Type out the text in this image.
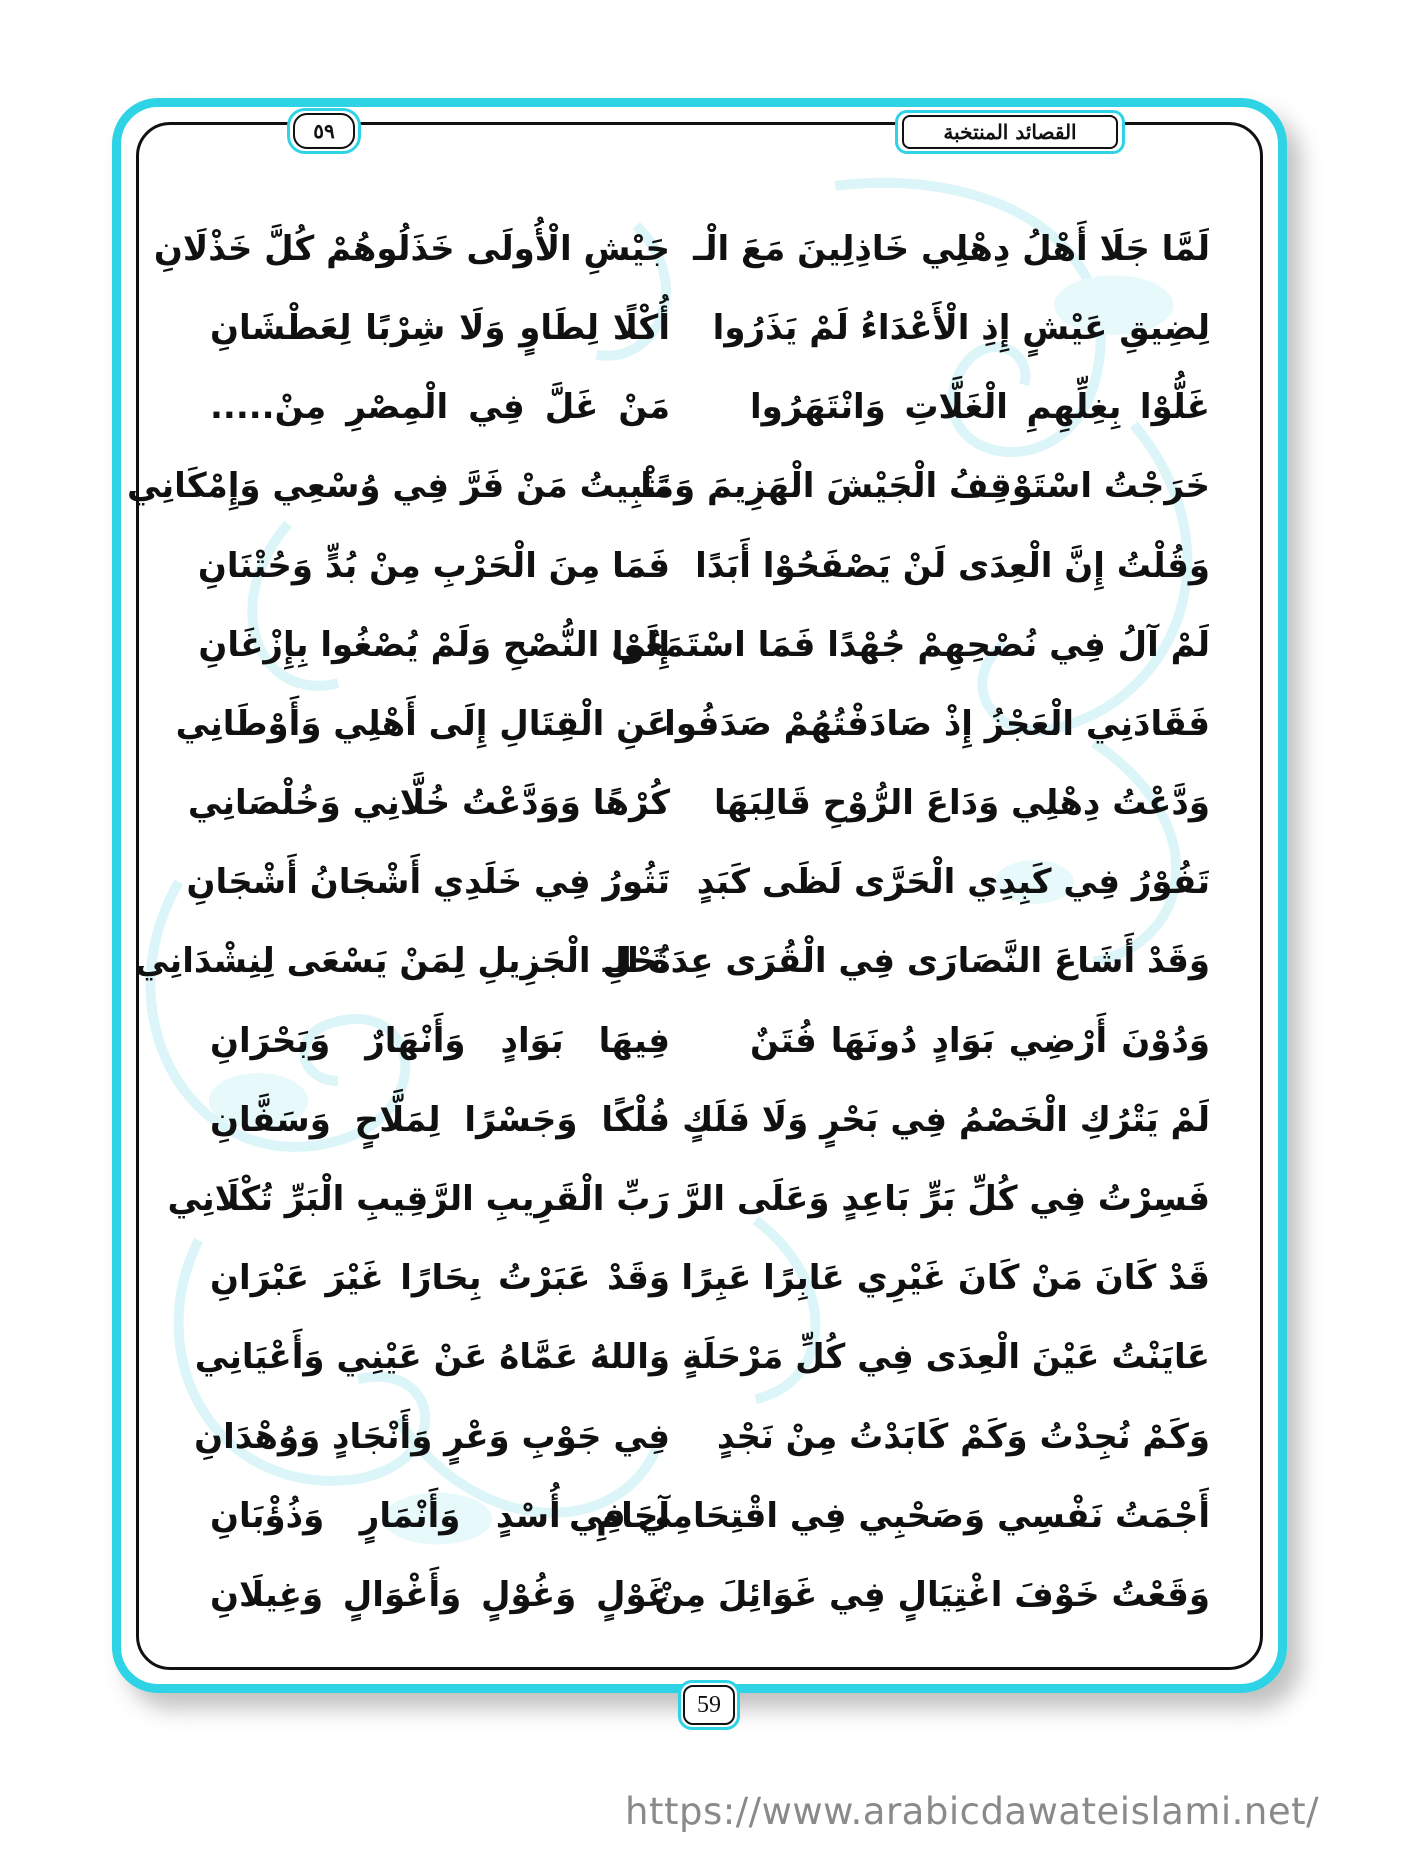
القصائد المنتخبة
٥٩
لَمَّا جَلَا أَهْلُ دِهْلِي خَاذِلِينَ مَعَ الْـ
جَيْشِ الْأُولَى خَذَلُوهُمْ كُلَّ خَذْلَانِ
لِضِيقِ عَيْشٍ إِذِ الْأَعْدَاءُ لَمْ يَذَرُوا
أُكْلًا لِطَاوٍ وَلَا شِرْبًا لِعَطْشَانِ
غَلُّوْا بِغِلِّهِمِ الْغَلَّاتِ وَانْتَهَرُوا
مَنْ غَلَّ فِي الْمِصْرِ مِنْ.....
خَرَجْتُ اسْتَوْقِفُ الْجَيْشَ الْهَزِيمَ وَمَا
تَثْبِيتُ مَنْ فَرَّ فِي وُسْعِي وَإِمْكَانِي
وَقُلْتُ إِنَّ الْعِدَى لَنْ يَصْفَحُوْا أَبَدًا
فَمَا مِنَ الْحَرْبِ مِنْ بُدٍّ وَحُتْنَانِ
لَمْ آلُ فِي نُصْحِهِمْ جُهْدًا فَمَا اسْتَمَعُوْا
إِلَى النُّصْحِ وَلَمْ يُصْغُوا بِإِزْغَانِ
فَقَادَنِي الْعَجْزُ إِذْ صَادَفْتُهُمْ صَدَفُوا
عَنِ الْقِتَالِ إِلَى أَهْلِي وَأَوْطَانِي
وَدَّعْتُ دِهْلِي وَدَاعَ الرُّوْحِ قَالِبَهَا
كُرْهًا وَوَدَّعْتُ خُلَّانِي وَخُلْصَانِي
تَفُوْرُ فِي كَبِدِي الْحَرَّى لَظَى كَبَدٍ
تَثُورُ فِي خَلَدِي أَشْجَانُ أَشْجَانِ
وَقَدْ أَشَاعَ النَّصَارَى فِي الْقُرَى عِدَةَ الـ
نُحْلِ الْجَزِيلِ لِمَنْ يَسْعَى لِنِشْدَانِي
وَدُوْنَ أَرْضِي بَوَادٍ دُونَهَا فُتَنٌ
فِيهَا بَوَادٍ وَأَنْهَارٌ وَبَحْرَانِ
لَمْ يَتْرُكِ الْخَصْمُ فِي بَحْرٍ وَلَا فَلَكٍ
فُلْكًا وَجَسْرًا لِمَلَّاحٍ وَسَفَّانِ
فَسِرْتُ فِي كُلِّ بَرٍّ بَاعِدٍ وَعَلَى الرَّ
رَبِّ الْقَرِيبِ الرَّقِيبِ الْبَرِّ تُكْلَانِي
قَدْ كَانَ مَنْ كَانَ غَيْرِي عَابِرًا عَبِرًا
وَقَدْ عَبَرْتُ بِحَارًا غَيْرَ عَبْرَانِ
عَايَنْتُ عَيْنَ الْعِدَى فِي كُلِّ مَرْحَلَةٍ
وَاللهُ عَمَّاهُ عَنْ عَيْنِي وَأَعْيَانِي
وَكَمْ نُجِدْتُ وَكَمْ كَابَدْتُ مِنْ نَجْدٍ
فِي جَوْبِ وَعْرٍ وَأَنْجَادٍ وَوُهْدَانِ
أَجْمَتُ نَفْسِي وَصَحْبِي فِي اقْتِحَامِي فِي
آجَامِ أُسْدٍ وَأَنْمَارٍ وَذُؤْبَانِ
وَقَعْتُ خَوْفَ اغْتِيَالٍ فِي غَوَائِلَ مِنْ
غَوْلٍ وَغُوْلٍ وَأَغْوَالٍ وَغِيلَانِ
59
https://www.arabicdawateislami.net/
